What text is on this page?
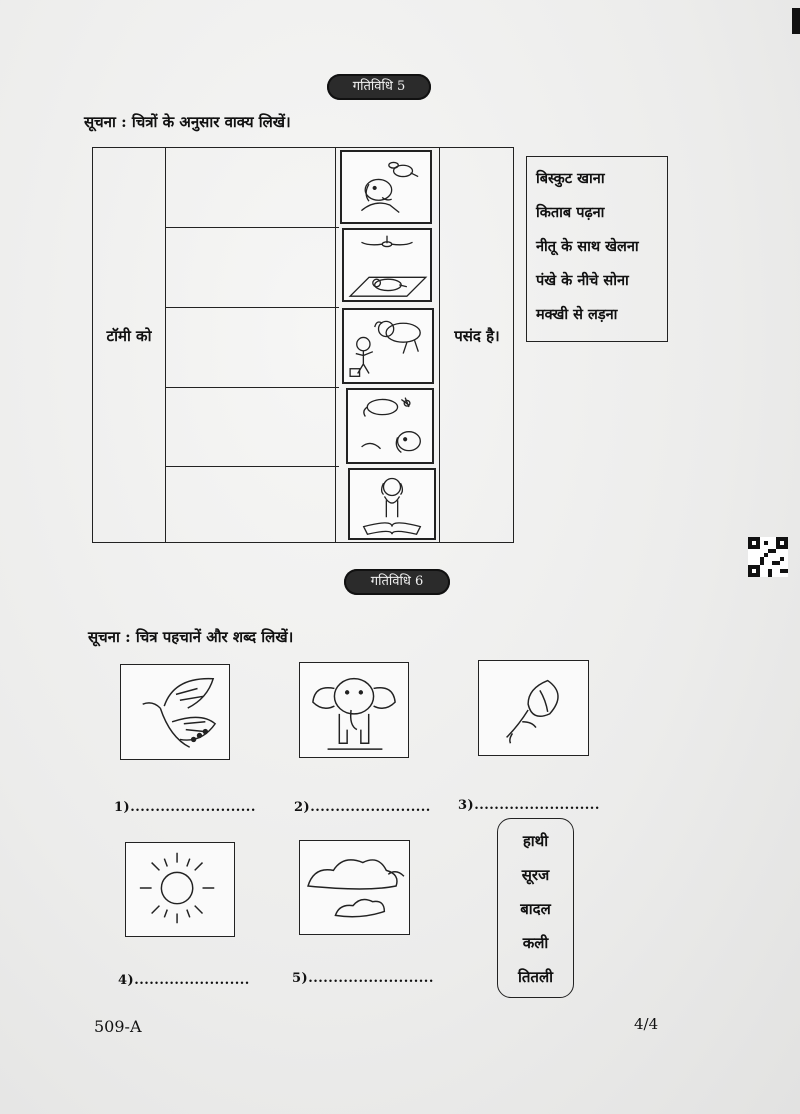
गतिविधि 5
सूचना : चित्रों के अनुसार वाक्य लिखें।
टॉमी को	पसंद है।
बिस्कुट खाना
किताब पढ़ना
नीतू के साथ खेलना
पंखे के नीचे सोना
मक्खी से लड़ना
गतिविधि 6
सूचना : चित्र पहचानें और शब्द लिखें।
1).........................	2)........................ 3).........................
4).......................	5).........................
हाथी
सूरज
बादल
कली
तितली
509-A	4/4
